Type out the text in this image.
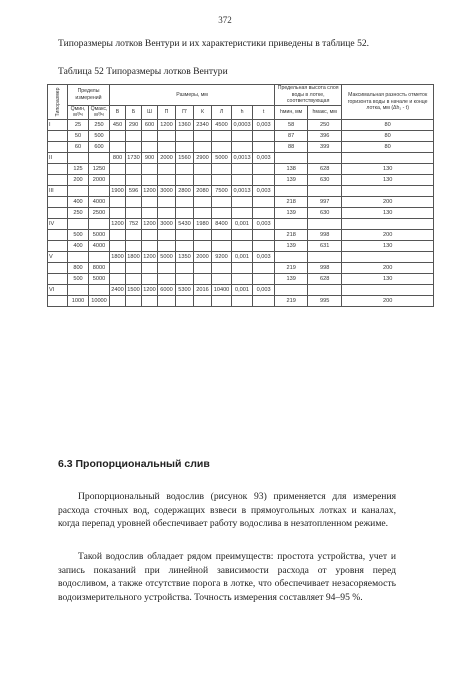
372
Типоразмеры лотков Вентури и их характеристики приведены в таблице 52.
Таблица 52 Типоразмеры лотков Вентури
Типоразмер	Пределы измерений		Размеры, мм									Предельная высота слоя воды в лотке, соответствующая		Максимальная разность отметок горизонта воды в начале и конце лотка, мм (Δh₁ - t)
	Qмин, м³/ч	Qмакс, м³/ч	В	Б	Ш	П	П'	К	Л	h	t	hмин, мм	hмакс, мм	
I	25	250	450	290	600	1200	1360	2340	4500	0,0003	0,003	58	250	80
	50	500										87	396	80
	60	600										88	399	80
II			800	1730	900	2000	1560	2900	5000	0,0013	0,003			
	125	1250										138	628	130
	200	2000										139	630	130
III			1900	596	1200	3000	2800	2080	7500	0,0013	0,003			
	400	4000										218	997	200
	250	2500										139	630	130
IV			1200	752	1200	3000	5430	1980	8400	0,001	0,003			
	500	5000										218	998	200
	400	4000										139	631	130
V			1800	1800	1200	5000	1350	2000	9200	0,001	0,003			
	800	8000										219	998	200
	500	5000										139	628	130
VI			2400	1500	1200	6000	5300	2016	10400	0,001	0,003			
	1000	10000										219	995	200
6.3 Пропорциональный слив
Пропорциональный водослив (рисунок 93) применяется для измерения расхода сточных вод, содержащих взвеси в прямоугольных лотках и каналах, когда перепад уровней обеспечивает работу водослива в незатопленном режиме.
Такой водослив обладает рядом преимуществ: простота устройства, учет и запись показаний при линейной зависимости расхода от уровня перед водосливом, а также отсутствие порога в лотке, что обеспечивает незасоряемость водоизмерительного устройства. Точность измерения составляет 94–95 %.
